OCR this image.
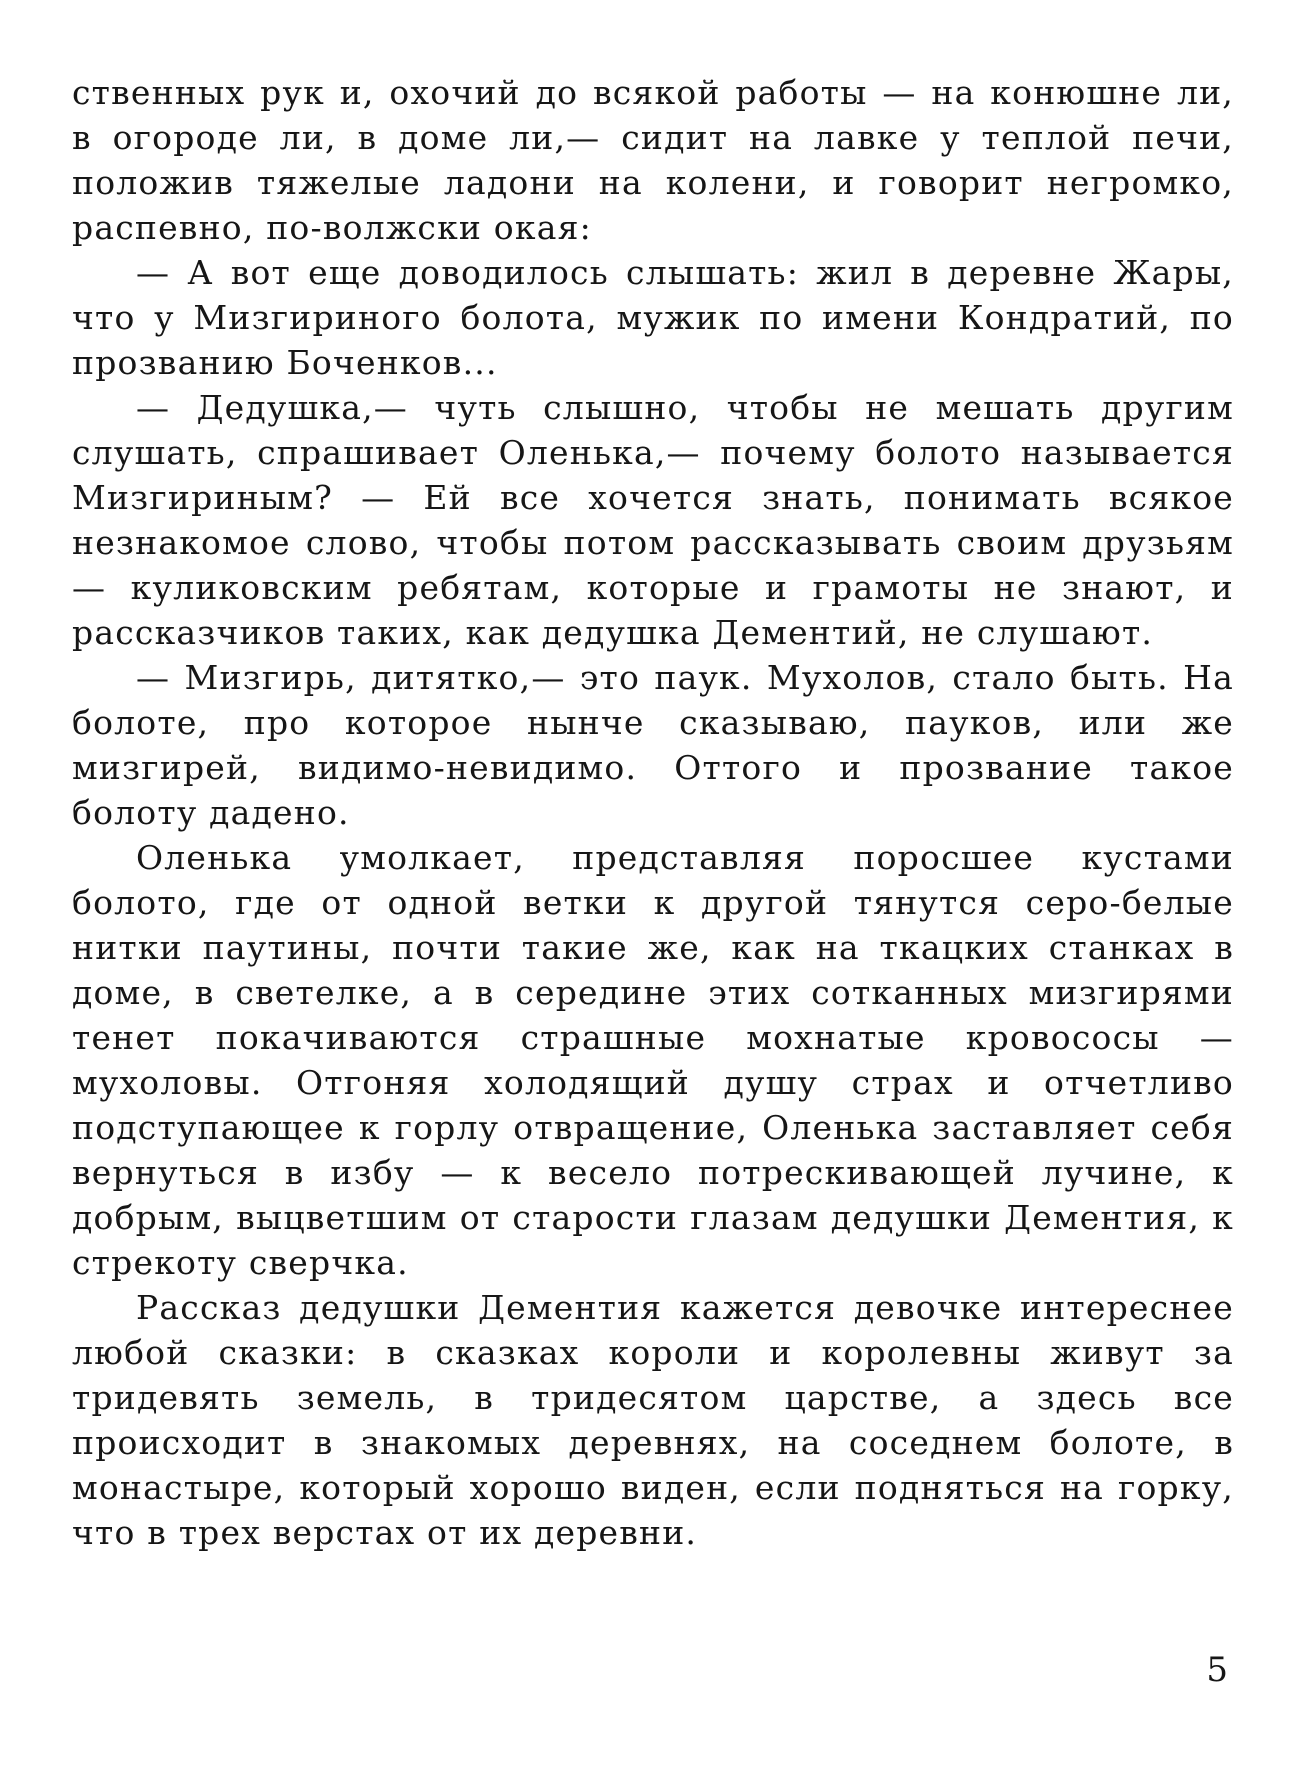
ственных рук и, охочий до всякой работы — на конюшне ли, в огороде ли, в доме ли,— сидит на лавке у теплой печи, положив тяжелые ладони на колени, и говорит негромко, распевно, по-волжски окая:

— А вот еще доводилось слышать: жил в деревне Жары, что у Мизгириного болота, мужик по имени Кондратий, по прозванию Боченков...

— Дедушка,— чуть слышно, чтобы не мешать другим слушать, спрашивает Оленька,— почему болото называется Мизгириным? — Ей все хочется знать, понимать всякое незнакомое слово, чтобы потом рассказывать своим друзьям — куликовским ребятам, которые и грамоты не знают, и рассказчиков таких, как дедушка Дементий, не слушают.

— Мизгирь, дитятко,— это паук. Мухолов, стало быть. На болоте, про которое нынче сказываю, пауков, или же мизгирей, видимо-невидимо. Оттого и прозвание такое болоту дадено.

Оленька умолкает, представляя поросшее кустами болото, где от одной ветки к другой тянутся серо-белые нитки паутины, почти такие же, как на ткацких станках в доме, в светелке, а в середине этих сотканных мизгирями тенет покачиваются страшные мохнатые кровососы — мухоловы. Отгоняя холодящий душу страх и отчетливо подступающее к горлу отвращение, Оленька заставляет себя вернуться в избу — к весело потрескивающей лучине, к добрым, выцветшим от старости глазам дедушки Дементия, к стрекоту сверчка.

Рассказ дедушки Дементия кажется девочке интереснее любой сказки: в сказках короли и королевны живут за тридевять земель, в тридесятом царстве, а здесь все происходит в знакомых деревнях, на соседнем болоте, в монастыре, который хорошо виден, если подняться на горку, что в трех верстах от их деревни.

5
